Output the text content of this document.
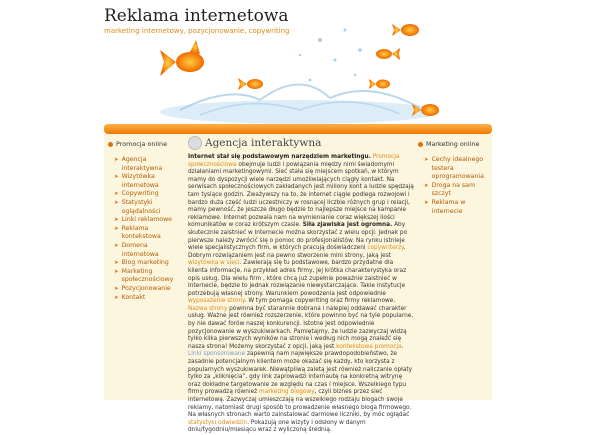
Reklama internetowa
marketing internetowy, pozycjonowanie, copywriting
Promocja online
➤ Agencja interaktywna
➤ Wizytówka internetowa
➤ Copywriting
➤ Statystyki oglądalności
➤ Linki reklamowe
➤ Reklama kontekstowa
➤ Domena internetowa
➤ Blog marketing
➤ Marketing społecznościowy
➤ Pozycjonowanie
➤ Kontakt
Agencja interaktywna

Internet stał się podstawowym narzędziem marketingu. Promocja społecznościowa obejmuje ludzi i powiązania między nimi świadomymi działaniami marketingowymi. Sieć stała się miejscem spotkań, w którym mamy do dyspozycji wiele narzędzi umożliwiających ciągły kontakt. Na serwisach społecznościowych zakładanych jest miliony kont a ludzie spędzają tam tysiące godzin. Zważywszy na to, że internet ciągle podlega rozwojowi i bardzo duża część ludzi uczestniczy w rosnącej liczbie różnych grup i relacji, mamy pewność, że jeszcze długo będzie to najlepsze miejsce na kampanie reklamowe. Internet pozwala nam na wymienianie coraz większej ilości komunikatów w coraz krótszym czasie. Siła zjawiska jest ogromna. Aby skutecznie zaistnieć w Internecie można skorzystać z wielu opcji. Jednak po pierwsze należy zwrócić się o pomoc do profesjonalistów. Na rynku istnieje wiele specjalistycznych firm, w których pracują doświadczeni copywriterzy. Dobrym rozwiązaniem jest na pewno stworzenie mini strony, jaką jest wizytówka w sieci. Zawierają się tu podstawowe, bardzo przydatne dla klienta informacje, na przykład adres firmy, jej krótka charakterystyka oraz opis usług. Dla wielu firm , które chcą już zupełnie poważnie zaistnieć w Internecie, będzie to jednak rozwiązanie niewystarczające. Takie instytucje potrzebują własnej strony. Warunkiem powodzenia jest odpowiednie wyposażenie strony. W tym pomaga copywriting oraz firmy reklamowe. Nazwa strony powinna być starannie dobrana i nalepiej oddawać charakter usług. Ważne jest również rozszerzenie, które powinno być na tyle popularne, by nie dawać forów naszej konkurencji. Istotne jest odpowiednie pozycjonowanie w wyszukiwarkach. Pamiętajmy, że ludzie zazwyczaj widzą tylko kilka pierwszych wyników na stronie i według nich mogą znaleźć się nasza strona! Możemy skorzystać z opcji, jaką jest kontekstowa promocja. Linki sponsorowane zapewnią nam największe prawdopodobieństwo, że zasadnie potencjalnym klientem może okazać się każdy, kto korzysta z popularnych wyszukiwarek. Niewątpliwą zaletą jest również naliczanie opłaty tylko za „kliknięcia”, gdy link zaprowadzi internautę na konkretną witrynę oraz dokładne targetowanie ze względu na czas i miejsce. Wszelkiego typu firmy prowadzą również marketing blogowy, czyli biznes przez sieć internetową. Zazwyczaj umieszczają na wszelkiego rodzaju blogach swoje reklamy, natomiast drugi sposób to prowadzenie własnego bloga firmowego. Na własnych stronach warto zainstalować darmowe liczniki, by móc oglądać statystyki odwiedzin. Pokazują one wizyty i odsłony w danym dniu/tygodniu/miesiącu wraz z wyliczoną średnią.

Marketing online
➤ Cechy idealnego testera oprogramowania
➤ Droga na sam szczyt
➤ Reklama w internecie
